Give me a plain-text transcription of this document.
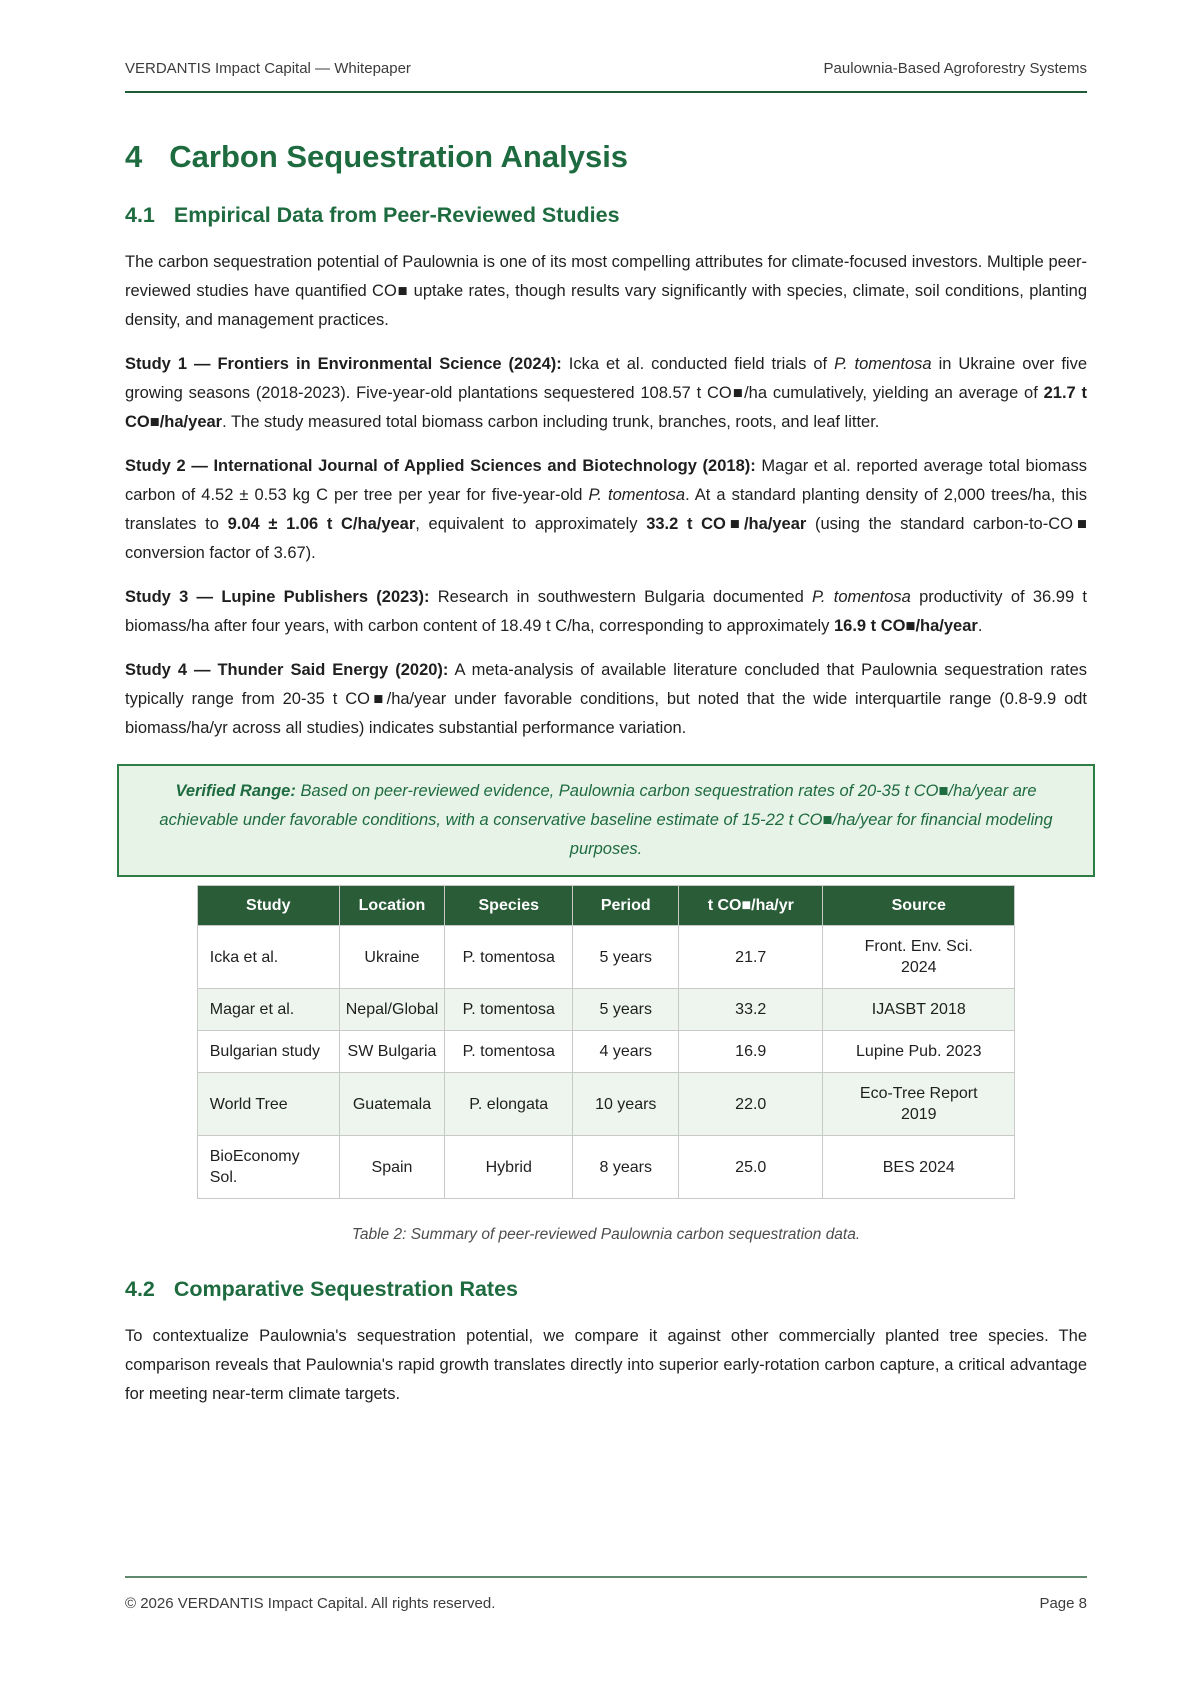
VERDANTIS Impact Capital — Whitepaper	Paulownia-Based Agroforestry Systems
4 Carbon Sequestration Analysis
4.1 Empirical Data from Peer-Reviewed Studies

The carbon sequestration potential of Paulownia is one of its most compelling attributes for climate-focused investors. Multiple peer-reviewed studies have quantified CO■ uptake rates, though results vary significantly with species, climate, soil conditions, planting density, and management practices.

Study 1 — Frontiers in Environmental Science (2024): Icka et al. conducted field trials of P. tomentosa in Ukraine over five growing seasons (2018-2023). Five-year-old plantations sequestered 108.57 t CO■/ha cumulatively, yielding an average of 21.7 t CO■/ha/year. The study measured total biomass carbon including trunk, branches, roots, and leaf litter.

Study 2 — International Journal of Applied Sciences and Biotechnology (2018): Magar et al. reported average total biomass carbon of 4.52 ± 0.53 kg C per tree per year for five-year-old P. tomentosa. At a standard planting density of 2,000 trees/ha, this translates to 9.04 ± 1.06 t C/ha/year, equivalent to approximately 33.2 t CO■/ha/year (using the standard carbon-to-CO■ conversion factor of 3.67).

Study 3 — Lupine Publishers (2023): Research in southwestern Bulgaria documented P. tomentosa productivity of 36.99 t biomass/ha after four years, with carbon content of 18.49 t C/ha, corresponding to approximately 16.9 t CO■/ha/year.

Study 4 — Thunder Said Energy (2020): A meta-analysis of available literature concluded that Paulownia sequestration rates typically range from 20-35 t CO■/ha/year under favorable conditions, but noted that the wide interquartile range (0.8-9.9 odt biomass/ha/yr across all studies) indicates substantial performance variation.

Verified Range: Based on peer-reviewed evidence, Paulownia carbon sequestration rates of 20-35 t CO■/ha/year are achievable under favorable conditions, with a conservative baseline estimate of 15-22 t CO■/ha/year for financial modeling purposes.
Study	Location	Species	Period	t CO■/ha/yr	Source
Icka et al.	Ukraine	P. tomentosa	5 years	21.7	Front. Env. Sci. 2024
Magar et al.	Nepal/Global	P. tomentosa	5 years	33.2	IJASBT 2018
Bulgarian study	SW Bulgaria	P. tomentosa	4 years	16.9	Lupine Pub. 2023
World Tree	Guatemala	P. elongata	10 years	22.0	Eco-Tree Report 2019
BioEconomy Sol.	Spain	Hybrid	8 years	25.0	BES 2024
Table 2: Summary of peer-reviewed Paulownia carbon sequestration data.
4.2 Comparative Sequestration Rates

To contextualize Paulownia's sequestration potential, we compare it against other commercially planted tree species. The comparison reveals that Paulownia's rapid growth translates directly into superior early-rotation carbon capture, a critical advantage for meeting near-term climate targets.

© 2026 VERDANTIS Impact Capital. All rights reserved.	Page 8
